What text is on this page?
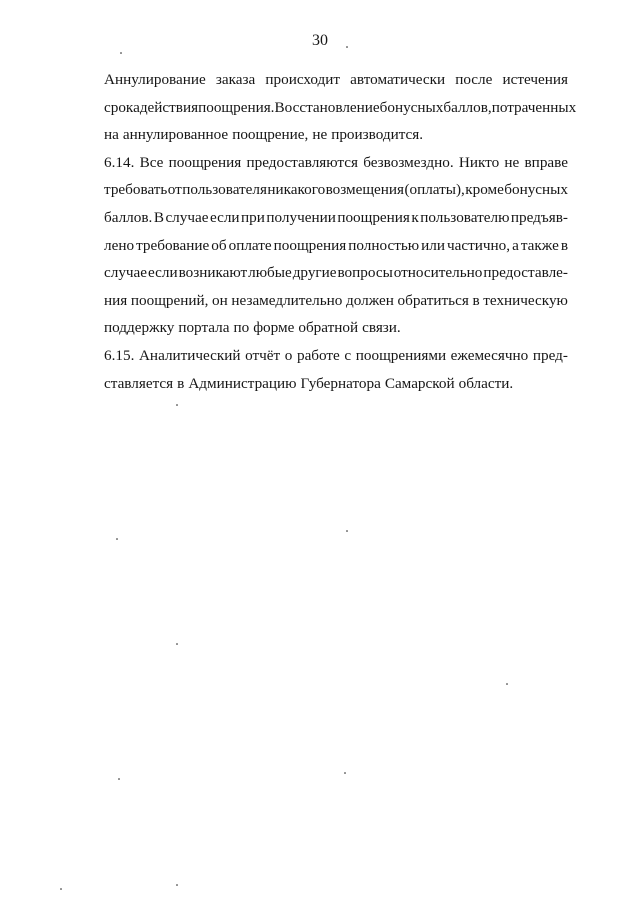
30
Аннулирование заказа происходит автоматически после истечения
срока действия поощрения. Восстановление бонусных баллов, потраченных
на аннулированное поощрение, не производится.
6.14. Все поощрения предоставляются безвозмездно. Никто не вправе
требовать от пользователя никакого возмещения (оплаты), кроме бонусных
баллов. В случае если при получении поощрения к пользователю предъяв-
лено требование об оплате поощрения полностью или частично, а также в
случае если возникают любые другие вопросы относительно предоставле-
ния поощрений, он незамедлительно должен обратиться в техническую
поддержку портала по форме обратной связи.
6.15. Аналитический отчёт о работе с поощрениями ежемесячно пред-
ставляется в Администрацию Губернатора Самарской области.
